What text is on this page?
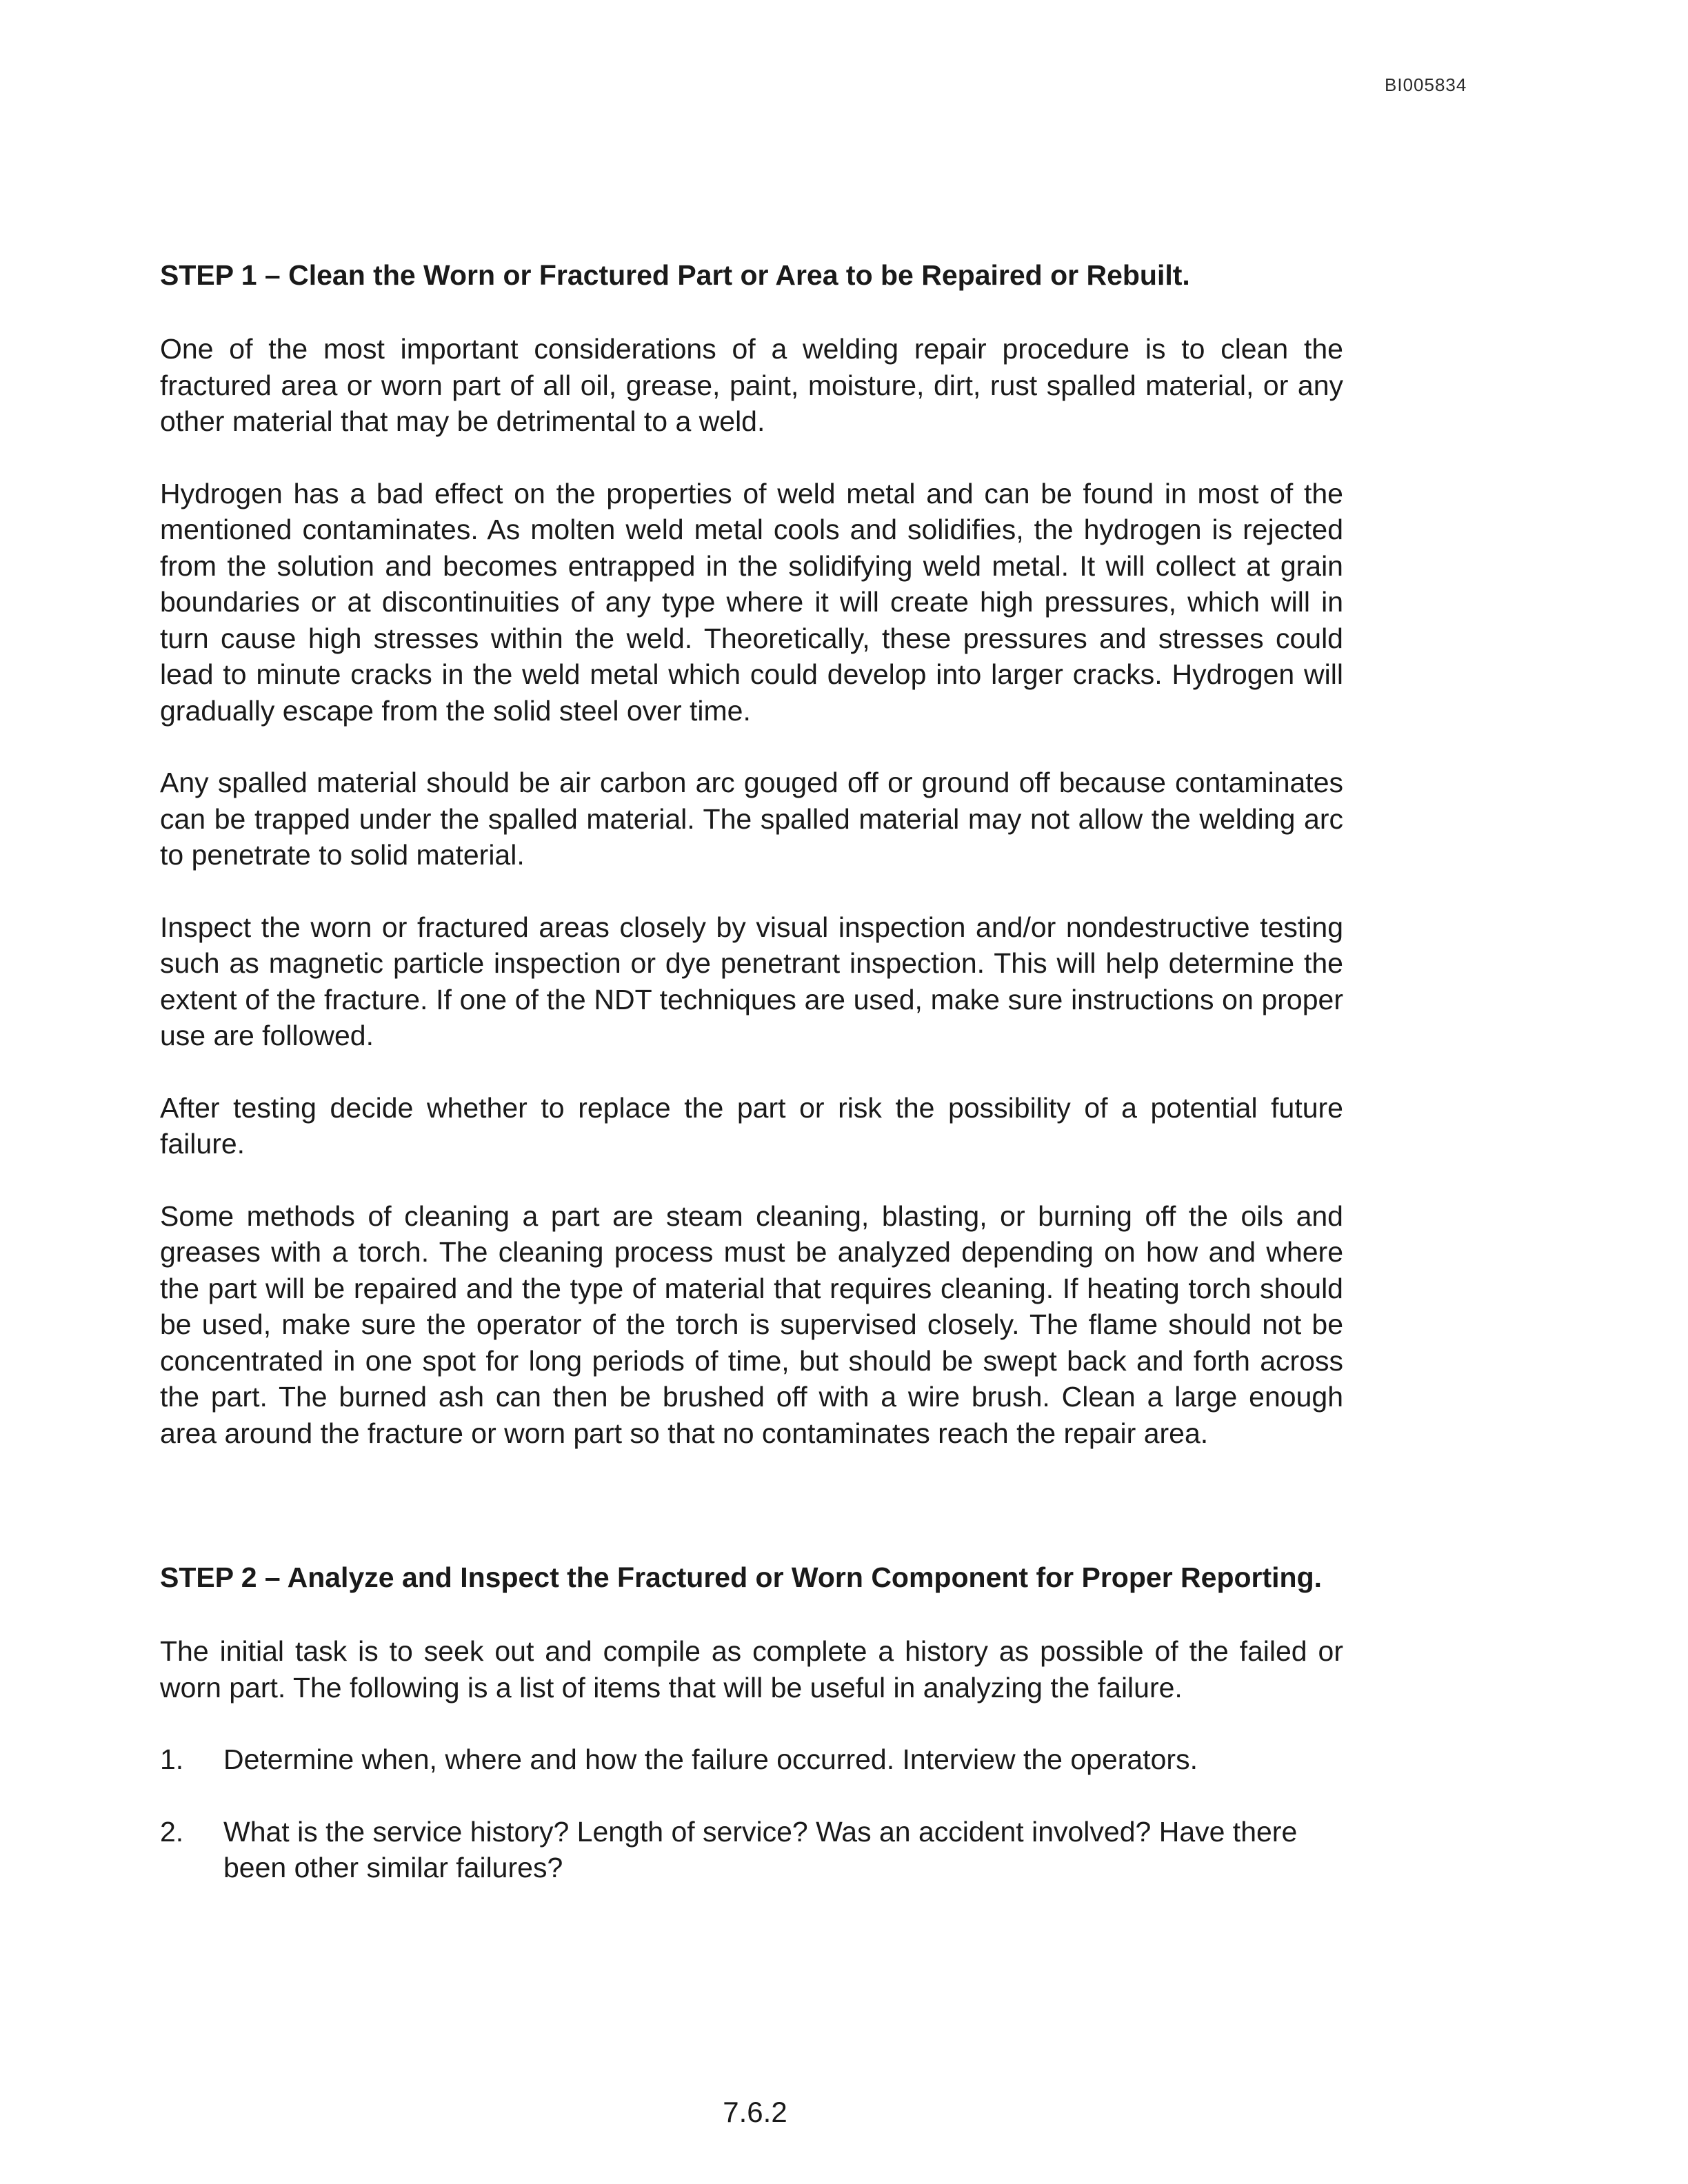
BI005834

STEP 1 – Clean the Worn or Fractured Part or Area to be Repaired or Rebuilt.

One of the most important considerations of a welding repair procedure is to clean the fractured area or worn part of all oil, grease, paint, moisture, dirt, rust spalled material, or any other material that may be detrimental to a weld.

Hydrogen has a bad effect on the properties of weld metal and can be found in most of the mentioned contaminates. As molten weld metal cools and solidifies, the hydrogen is rejected from the solution and becomes entrapped in the solidifying weld metal. It will collect at grain boundaries or at discontinuities of any type where it will create high pressures, which will in turn cause high stresses within the weld. Theoretically, these pressures and stresses could lead to minute cracks in the weld metal which could develop into larger cracks. Hydrogen will gradually escape from the solid steel over time.

Any spalled material should be air carbon arc gouged off or ground off because contaminates can be trapped under the spalled material. The spalled material may not allow the welding arc to penetrate to solid material.

Inspect the worn or fractured areas closely by visual inspection and/or nondestructive testing such as magnetic particle inspection or dye penetrant inspection. This will help determine the extent of the fracture. If one of the NDT techniques are used, make sure instructions on proper use are followed.

After testing decide whether to replace the part or risk the possibility of a potential future failure.

Some methods of cleaning a part are steam cleaning, blasting, or burning off the oils and greases with a torch. The cleaning process must be analyzed depending on how and where the part will be repaired and the type of material that requires cleaning. If heating torch should be used, make sure the operator of the torch is supervised closely. The flame should not be concentrated in one spot for long periods of time, but should be swept back and forth across the part. The burned ash can then be brushed off with a wire brush. Clean a large enough area around the fracture or worn part so that no contaminates reach the repair area.

STEP 2 – Analyze and Inspect the Fractured or Worn Component for Proper Reporting.

The initial task is to seek out and compile as complete a history as possible of the failed or worn part. The following is a list of items that will be useful in analyzing the failure.

1.	Determine when, where and how the failure occurred. Interview the operators.
2.	What is the service history? Length of service? Was an accident involved? Have there been other similar failures?
7.6.2
